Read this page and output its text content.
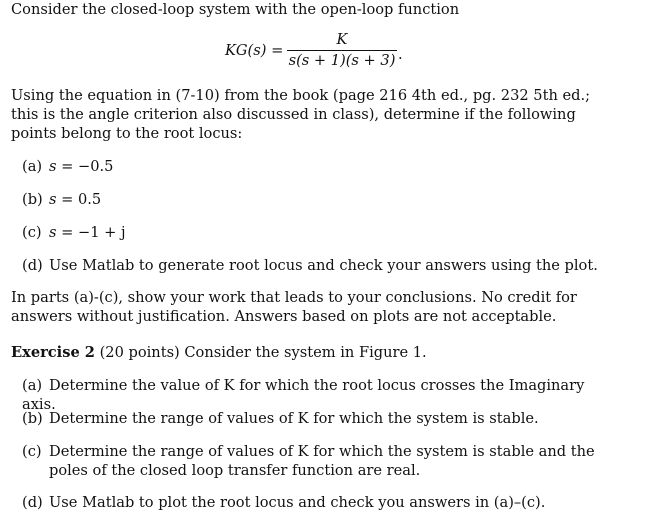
Consider the closed-loop system with the open-loop function
KG(s) =
K
s(s + 1)(s + 3) .
Using the equation in (7-10) from the book (page 216 4th ed., pg. 232 5th ed.; this is the angle criterion also discussed in class), determine if the following points belong to the root locus:
(a) s = −0.5
(b) s = 0.5
(c) s = −1 + j
(d) Use Matlab to generate root locus and check your answers using the plot.
In parts (a)-(c), show your work that leads to your conclusions. No credit for answers without justification. Answers based on plots are not acceptable.
Exercise 2 (20 points) Consider the system in Figure 1.
(a) Determine the value of K for which the root locus crosses the Imaginary axis.
(b) Determine the range of values of K for which the system is stable.
(c) Determine the range of values of K for which the system is stable and the poles of the closed loop transfer function are real.
(d) Use Matlab to plot the root locus and check you answers in (a)–(c).
